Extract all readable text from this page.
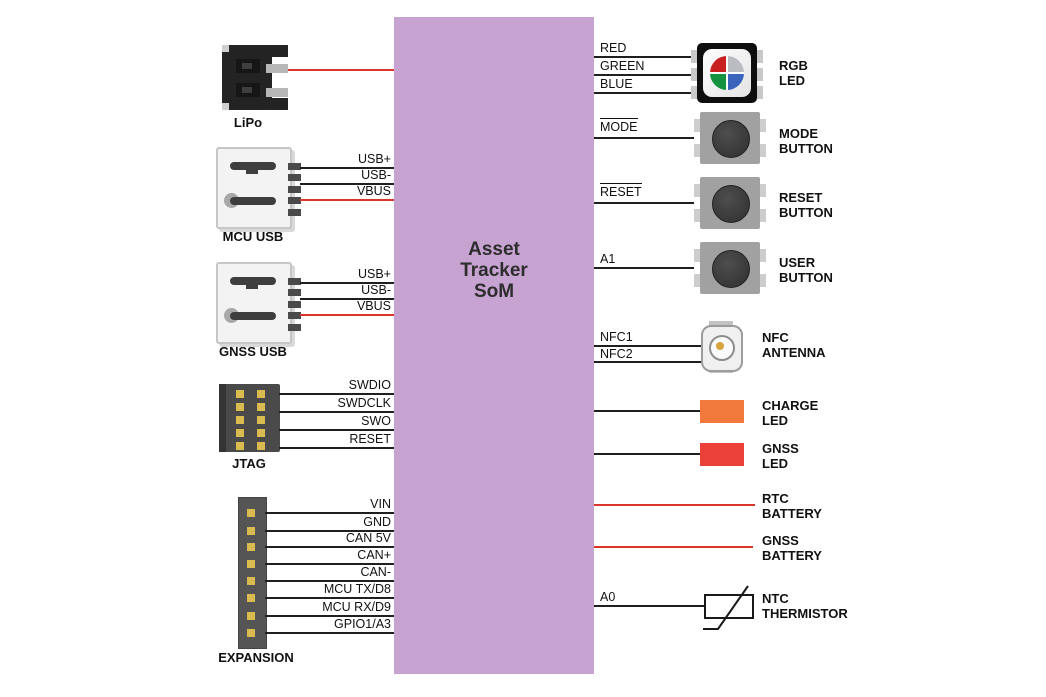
Asset
Tracker
SoM
LiPo
USB+
USB-
VBUS
MCU USB
USB+
USB-
VBUS
GNSS USB
SWDIO
SWDCLK
SWO
RESET
JTAG
VIN
GND
CAN 5V
CAN+
CAN-
MCU TX/D8
MCU RX/D9
GPIO1/A3
EXPANSION
RED
GREEN
BLUE
RGB
LED
MODE	MODE
BUTTON
RESET	RESET
BUTTON
A1	USER
BUTTON
NFC1
NFC2
NFC
ANTENNA
CHARGE
LED
GNSS
LED
RTC
BATTERY
GNSS
BATTERY
A0	NTC
THERMISTOR
